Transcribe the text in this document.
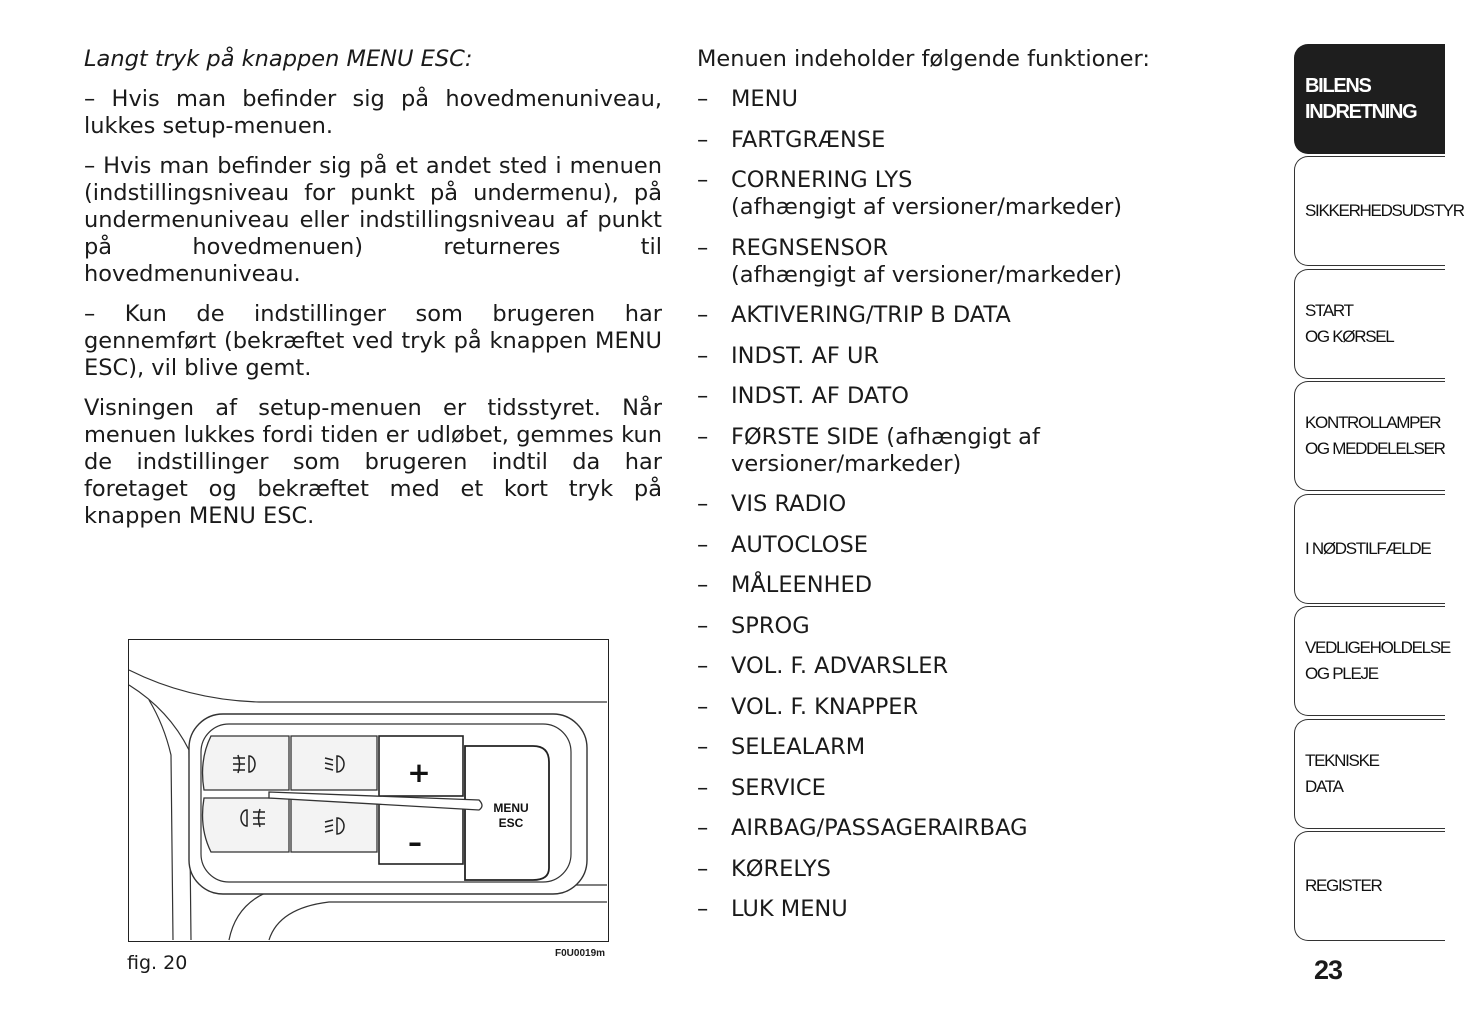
Langt tryk på knappen MENU ESC:

– Hvis man befinder sig på hovedmenuniveau, lukkes setup-menuen.

– Hvis man befinder sig på et andet sted i menuen (indstillingsniveau for punkt på undermenu), på undermenuniveau eller indstillingsniveau af punkt på hovedmenuen) returneres til hovedmenuniveau.

– Kun de indstillinger som brugeren har gennemført (bekræftet ved tryk på knappen MENU ESC), vil blive gemt.

Visningen af setup-menuen er tidsstyret. Når menuen lukkes fordi tiden er udløbet, gemmes kun de indstillinger som brugeren indtil da har foretaget og bekræftet med et kort tryk på knappen MENU ESC.

+
–
MENU
ESC
fig. 20	F0U0019m

Menuen indeholder følgende funktioner:

– MENU
– FARTGRÆNSE
– CORNERING LYS
(afhængigt af versioner/markeder)
– REGNSENSOR
(afhængigt af versioner/markeder)
– AKTIVERING/TRIP B DATA
– INDST. AF UR
– INDST. AF DATO
– FØRSTE SIDE (afhængigt af versioner/markeder)
– VIS RADIO
– AUTOCLOSE
– MÅLEENHED
– SPROG
– VOL. F. ADVARSLER
– VOL. F. KNAPPER
– SELEALARM
– SERVICE
– AIRBAG/PASSAGERAIRBAG
– KØRELYS
– LUK MENU
BILENS
INDRETNING
SIKKERHEDSUDSTYR
START
OG KØRSEL
KONTROLLAMPER
OG MEDDELELSER
I NØDSTILFÆLDE
VEDLIGEHOLDELSE
OG PLEJE
TEKNISKE
DATA
REGISTER
23
